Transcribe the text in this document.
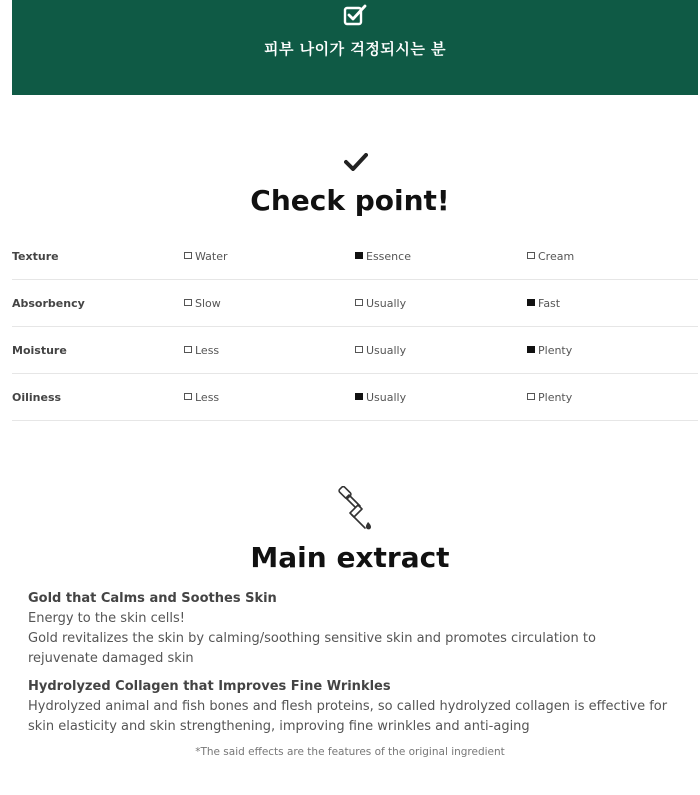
피부 나이가 걱정되시는 분
Check point!
Texture	Water	Essence	Cream
Absorbency	Slow	Usually	Fast
Moisture	Less	Usually	Plenty
Oiliness	Less	Usually	Plenty
Main extract
Gold that Calms and Soothes Skin

Energy to the skin cells!

Gold revitalizes the skin by calming/soothing sensitive skin and promotes circulation to rejuvenate damaged skin

Hydrolyzed Collagen that Improves Fine Wrinkles

Hydrolyzed animal and fish bones and flesh proteins, so called hydrolyzed collagen is effective for skin elasticity and skin strengthening, improving fine wrinkles and anti-aging

*The said effects are the features of the original ingredient
